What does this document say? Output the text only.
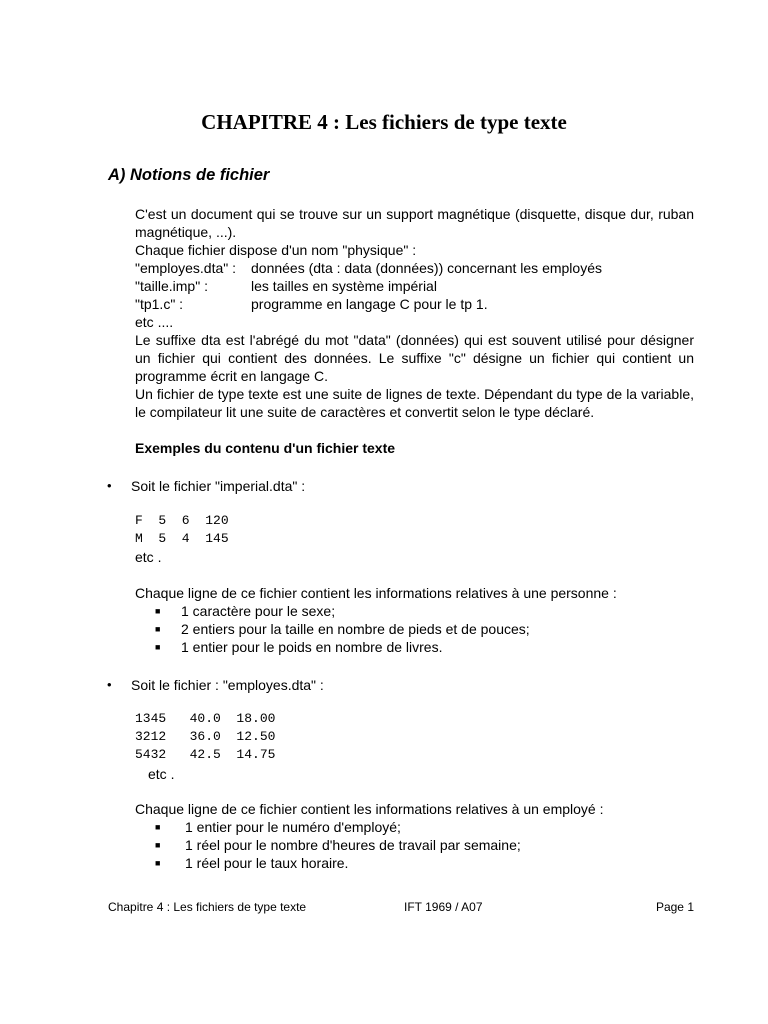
CHAPITRE 4 : Les fichiers de type texte
A) Notions de fichier

C'est un document qui se trouve sur un support magnétique (disquette, disque dur, ruban magnétique, ...).

Chaque fichier dispose d'un nom "physique" :
"employes.dta" :	données (dta : data (données)) concernant les employés
"taille.imp" :	les tailles en système impérial
"tp1.c" :	programme en langage C pour le tp 1.
etc ....

Le suffixe dta est l'abrégé du mot "data" (données) qui est souvent utilisé pour désigner un fichier qui contient des données. Le suffixe "c" désigne un fichier qui contient un programme écrit en langage C.

Un fichier de type texte est une suite de lignes de texte. Dépendant du type de la variable, le compilateur lit une suite de caractères et convertit selon le type déclaré.

Exemples du contenu d'un fichier texte
•	Soit le fichier "imperial.dta" :
F  5  6  120
M  5  4  145
etc .
Chaque ligne de ce fichier contient les informations relatives à une personne :
■	1 caractère pour le sexe;
■	2 entiers pour la taille en nombre de pieds et de pouces;
■	1 entier pour le poids en nombre de livres.
•	Soit le fichier : "employes.dta" :
1345   40.0  18.00
3212   36.0  12.50
5432   42.5  14.75
etc .
Chaque ligne de ce fichier contient les informations relatives à un employé :
■	1 entier pour le numéro d'employé;
■	1 réel pour le nombre d'heures de travail par semaine;
■	1 réel pour le taux horaire.
Chapitre 4 : Les fichiers de type texte	IFT 1969 / A07	Page 1
